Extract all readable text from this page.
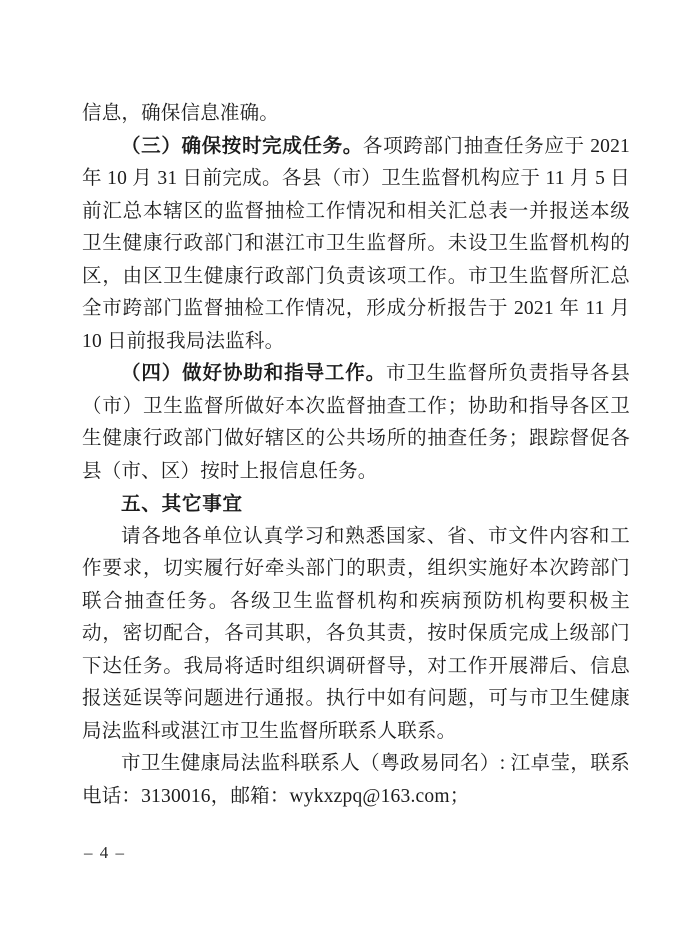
信息，确保信息准确。

（三）确保按时完成任务。各项跨部门抽查任务应于 2021 年 10 月 31 日前完成。各县（市）卫生监督机构应于 11 月 5 日前汇总本辖区的监督抽检工作情况和相关汇总表一并报送本级卫生健康行政部门和湛江市卫生监督所。未设卫生监督机构的区，由区卫生健康行政部门负责该项工作。市卫生监督所汇总全市跨部门监督抽检工作情况，形成分析报告于 2021 年 11 月 10 日前报我局法监科。

（四）做好协助和指导工作。市卫生监督所负责指导各县（市）卫生监督所做好本次监督抽查工作；协助和指导各区卫生健康行政部门做好辖区的公共场所的抽查任务；跟踪督促各县（市、区）按时上报信息任务。

五、其它事宜

请各地各单位认真学习和熟悉国家、省、市文件内容和工作要求，切实履行好牵头部门的职责，组织实施好本次跨部门联合抽查任务。各级卫生监督机构和疾病预防机构要积极主动，密切配合，各司其职，各负其责，按时保质完成上级部门下达任务。我局将适时组织调研督导，对工作开展滞后、信息报送延误等问题进行通报。执行中如有问题，可与市卫生健康局法监科或湛江市卫生监督所联系人联系。

市卫生健康局法监科联系人（粤政易同名）: 江卓莹，联系电话：3130016，邮箱：wykxzpq@163.com；

– 4 –
